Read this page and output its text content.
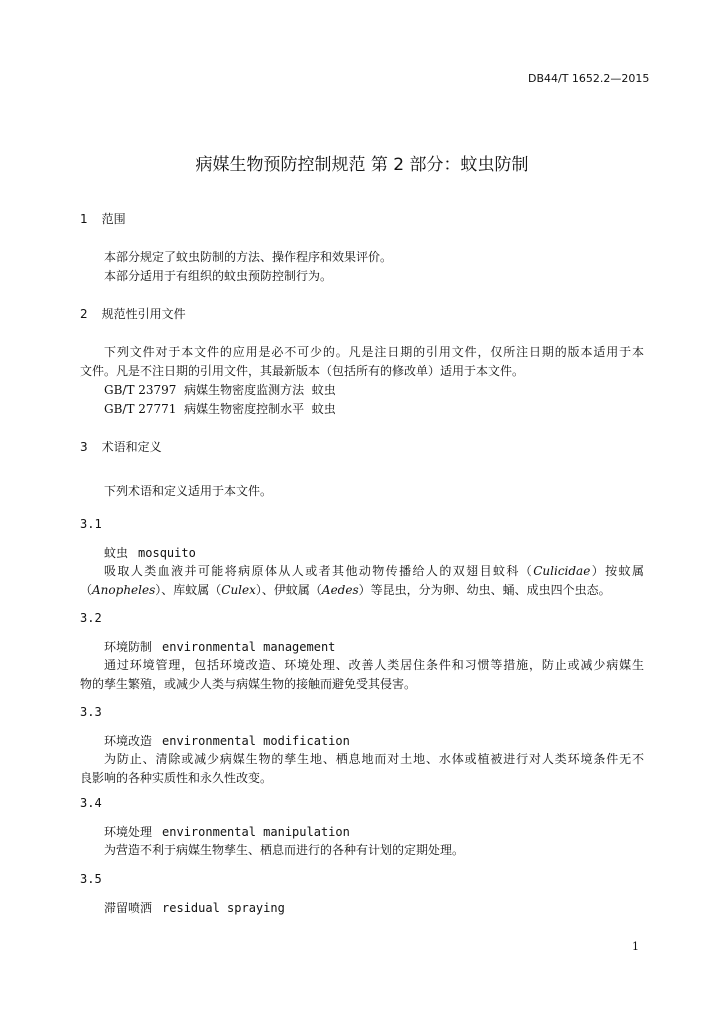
DB44/T 1652.2—2015
病媒生物预防控制规范 第 2 部分：蚊虫防制
1 范围
本部分规定了蚊虫防制的方法、操作程序和效果评价。
本部分适用于有组织的蚊虫预防控制行为。
2 规范性引用文件
下列文件对于本文件的应用是必不可少的。凡是注日期的引用文件，仅所注日期的版本适用于本
文件。凡是不注日期的引用文件，其最新版本（包括所有的修改单）适用于本文件。
GB/T 23797  病媒生物密度监测方法  蚊虫
GB/T 27771  病媒生物密度控制水平  蚊虫
3 术语和定义
下列术语和定义适用于本文件。
3.1
蚊虫 mosquito
吸取人类血液并可能将病原体从人或者其他动物传播给人的双翅目蚊科（Culicidae）按蚊属
（Anopheles）、库蚊属（Culex）、伊蚊属（Aedes）等昆虫，分为卵、幼虫、蛹、成虫四个虫态。
3.2
环境防制 environmental management
通过环境管理，包括环境改造、环境处理、改善人类居住条件和习惯等措施，防止或减少病媒生
物的孳生繁殖，或减少人类与病媒生物的接触而避免受其侵害。
3.3
环境改造 environmental modification
为防止、清除或减少病媒生物的孳生地、栖息地而对土地、水体或植被进行对人类环境条件无不
良影响的各种实质性和永久性改变。
3.4
环境处理 environmental manipulation
为营造不利于病媒生物孳生、栖息而进行的各种有计划的定期处理。
3.5
滞留喷洒 residual spraying
1
